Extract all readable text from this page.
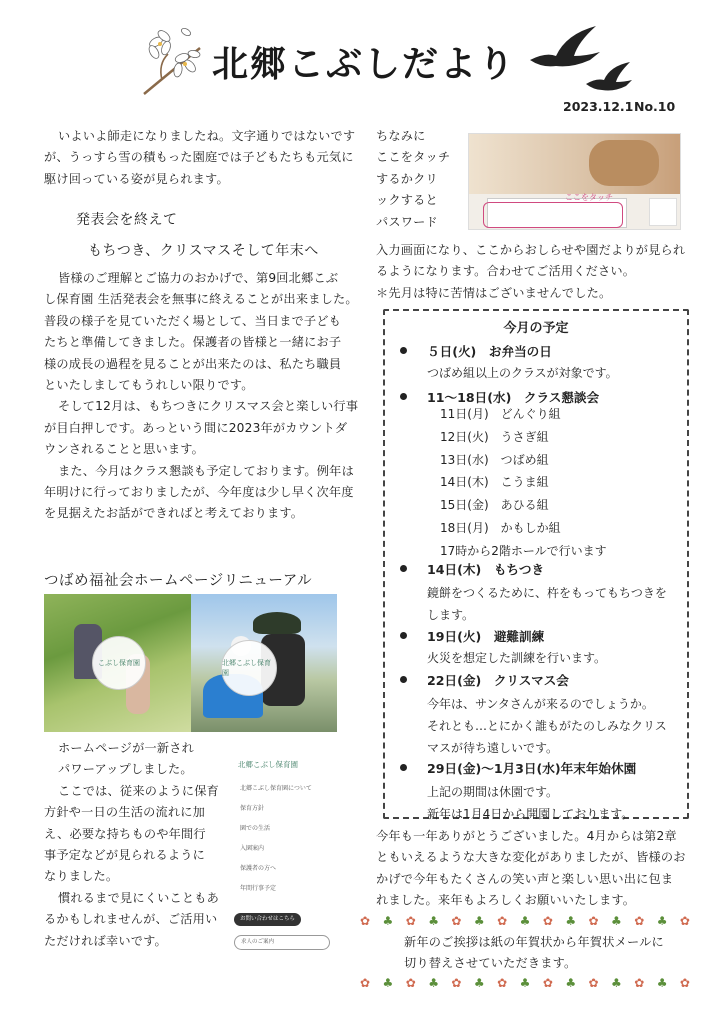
北郷こぶしだより
2023.12.1 No.10
いよいよ師走になりましたね。文字通りではないです
が、うっすら雪の積もった園庭では子どもたちも元気に
駆け回っている姿が見られます。
発表会を終えて
もちつき、クリスマスそして年末へ
皆様のご理解とご協力のおかげで、第9回北郷こぶ
し保育園 生活発表会を無事に終えることが出来ました。
普段の様子を見ていただく場として、当日まで子ども
たちと準備してきました。保護者の皆様と一緒にお子
様の成長の過程を見ることが出来たのは、私たち職員
といたしましてもうれしい限りです。
そして12月は、もちつきにクリスマス会と楽しい行事
が目白押しです。あっという間に2023年がカウントダ
ウンされることと思います。
また、今月はクラス懇談も予定しております。例年は
年明けに行っておりましたが、今年度は少し早く次年度
を見据えたお話ができればと考えております。
つばめ福祉会ホームページリニューアル
こぶし保育園	北郷こぶし保育園
ホームページが一新され
パワーアップしました。
ここでは、従来のように保育
方針や一日の生活の流れに加
え、必要な持ちものや年間行
事予定などが見られるように
なりました。
慣れるまで見にくいこともあ
るかもしれませんが、ご活用い
ただければ幸いです。
北郷こぶし保育園
北郷こぶし保育園について
保育方針
園での生活
入園案内
保護者の方へ
年間行事予定
お問い合わせはこちら
求人のご案内
ちなみに
ここをタッチ
するかクリ
ックすると
パスワード
ここをタッチ
入力画面になり、ここからおしらせや園だよりが見られ
るようになります。合わせてご活用ください。
＊先月は特に苦情はございませんでした。
今月の予定
５日(火)　お弁当の日
つばめ組以上のクラスが対象です。
11～18日(水)　クラス懇談会
11日(月)　どんぐり組
12日(火)　うさぎ組
13日(水)　つばめ組
14日(木)　こうま組
15日(金)　あひる組
18日(月)　かもしか組
17時から2階ホールで行います
14日(木)　もちつき
鏡餅をつくるために、杵をもってもちつきを
します。
19日(火)　避難訓練
火災を想定した訓練を行います。
22日(金)　クリスマス会
今年は、サンタさんが来るのでしょうか。
それとも…とにかく誰もがたのしみなクリス
マスが待ち遠しいです。
29日(金)～1月3日(水)年末年始休園
上記の期間は休園です。
新年は1月4日から開園しております。
今年も一年ありがとうございました。4月からは第2章
ともいえるような大きな変化がありましたが、皆様のお
かげで今年もたくさんの笑い声と楽しい思い出に包ま
れました。来年もよろしくお願いいたします。
✿ ♣ ✿ ♣ ✿ ♣ ✿ ♣ ✿ ♣ ✿ ♣ ✿ ♣ ✿
新年のご挨拶は紙の年賀状から年賀状メールに
切り替えさせていただきます。
✿ ♣ ✿ ♣ ✿ ♣ ✿ ♣ ✿ ♣ ✿ ♣ ✿ ♣ ✿
